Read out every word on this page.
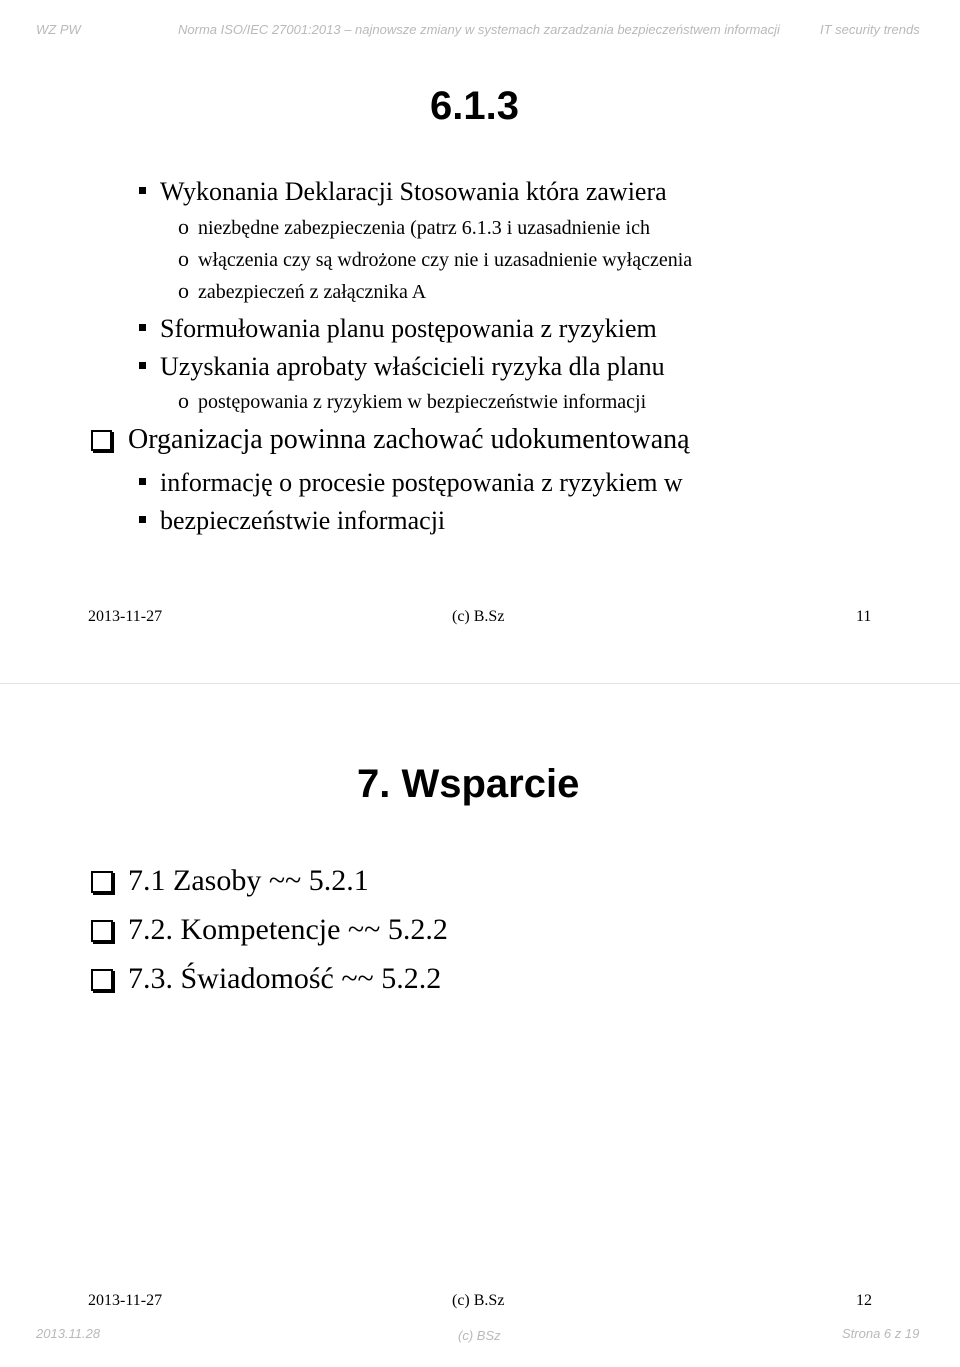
WZ PW	Norma ISO/IEC 27001:2013 – najnowsze zmiany w systemach zarzadzania bezpieczeństwem informacji	IT security trends
6.1.3
Wykonania Deklaracji Stosowania która zawiera
o niezbędne zabezpieczenia (patrz 6.1.3 i uzasadnienie ich
o włączenia czy są wdrożone czy nie i uzasadnienie wyłączenia
o zabezpieczeń z załącznika A
Sformułowania planu postępowania z ryzykiem
Uzyskania aprobaty właścicieli ryzyka dla planu
o postępowania z ryzykiem w bezpieczeństwie informacji
Organizacja powinna zachować udokumentowaną
informację o procesie postępowania z ryzykiem w
bezpieczeństwie informacji
2013-11-27	(c) B.Sz	11
7. Wsparcie
7.1 Zasoby ~~ 5.2.1
7.2. Kompetencje ~~ 5.2.2
7.3. Świadomość ~~ 5.2.2
2013-11-27	(c) B.Sz	12
2013.11.28	(c) BSz	Strona 6 z 19
